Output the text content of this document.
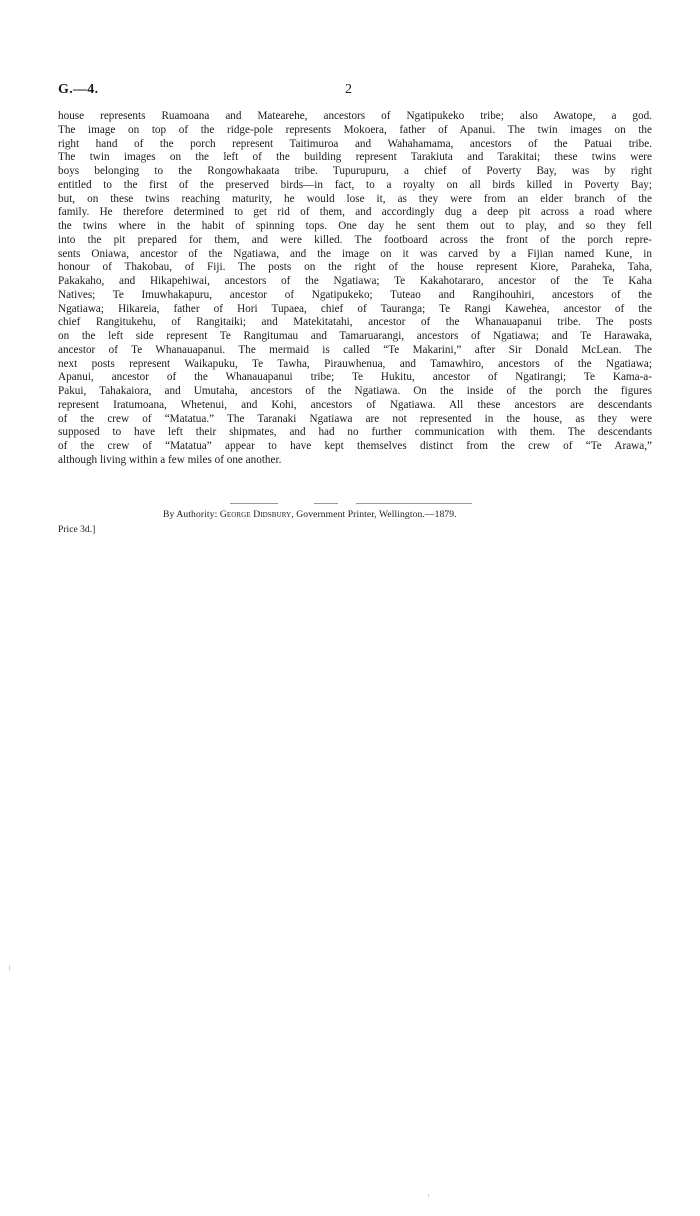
G.—4.	2
house represents Ruamoana and Matearehe, ancestors of Ngatipukeko tribe; also Awatope, a god.
The image on top of the ridge-pole represents Mokoera, father of Apanui. The twin images on the
right hand of the porch represent Taitimuroa and Wahahamama, ancestors of the Patuai tribe.
The twin images on the left of the building represent Tarakiuta and Tarakitai; these twins were
boys belonging to the Rongowhakaata tribe. Tupurupuru, a chief of Poverty Bay, was by right
entitled to the first of the preserved birds—in fact, to a royalty on all birds killed in Poverty Bay;
but, on these twins reaching maturity, he would lose it, as they were from an elder branch of the
family. He therefore determined to get rid of them, and accordingly dug a deep pit across a road where
the twins where in the habit of spinning tops. One day he sent them out to play, and so they fell
into the pit prepared for them, and were killed. The footboard across the front of the porch repre-
sents Oniawa, ancestor of the Ngatiawa, and the image on it was carved by a Fijian named Kune, in
honour of Thakobau, of Fiji. The posts on the right of the house represent Kiore, Paraheka, Taha,
Pakakaho, and Hikapehiwai, ancestors of the Ngatiawa; Te Kakahotararo, ancestor of the Te Kaha
Natives; Te Imuwhakapuru, ancestor of Ngatipukeko; Tuteao and Rangihouhiri, ancestors of the
Ngatiawa; Hikareia, father of Hori Tupaea, chief of Tauranga; Te Rangi Kawehea, ancestor of the
chief Rangitukehu, of Rangitaiki; and Matekitatahi, ancestor of the Whanauapanui tribe. The posts
on the left side represent Te Rangitumau and Tamaruarangi, ancestors of Ngatiawa; and Te Harawaka,
ancestor of Te Whanauapanui. The mermaid is called “Te Makarini,” after Sir Donald McLean. The
next posts represent Waikapuku, Te Tawha, Pirauwhenua, and Tamawhiro, ancestors of the Ngatiawa;
Apanui, ancestor of the Whanauapanui tribe; Te Hukitu, ancestor of Ngatirangi; Te Kama-a-
Pakui, Tahakaiora, and Umutaha, ancestors of the Ngatiawa. On the inside of the porch the figures
represent Iratumoana, Whetenui, and Kohi, ancestors of Ngatiawa. All these ancestors are descendants
of the crew of “Matatua.” The Taranaki Ngatiawa are not represented in the house, as they were
supposed to have left their shipmates, and had no further communication with them. The descendants
of the crew of “Matatua” appear to have kept themselves distinct from the crew of “Te Arawa,”
although living within a few miles of one another.
By Authority: George Didsbury, Government Printer, Wellington.—1879.
Price 3d.]
